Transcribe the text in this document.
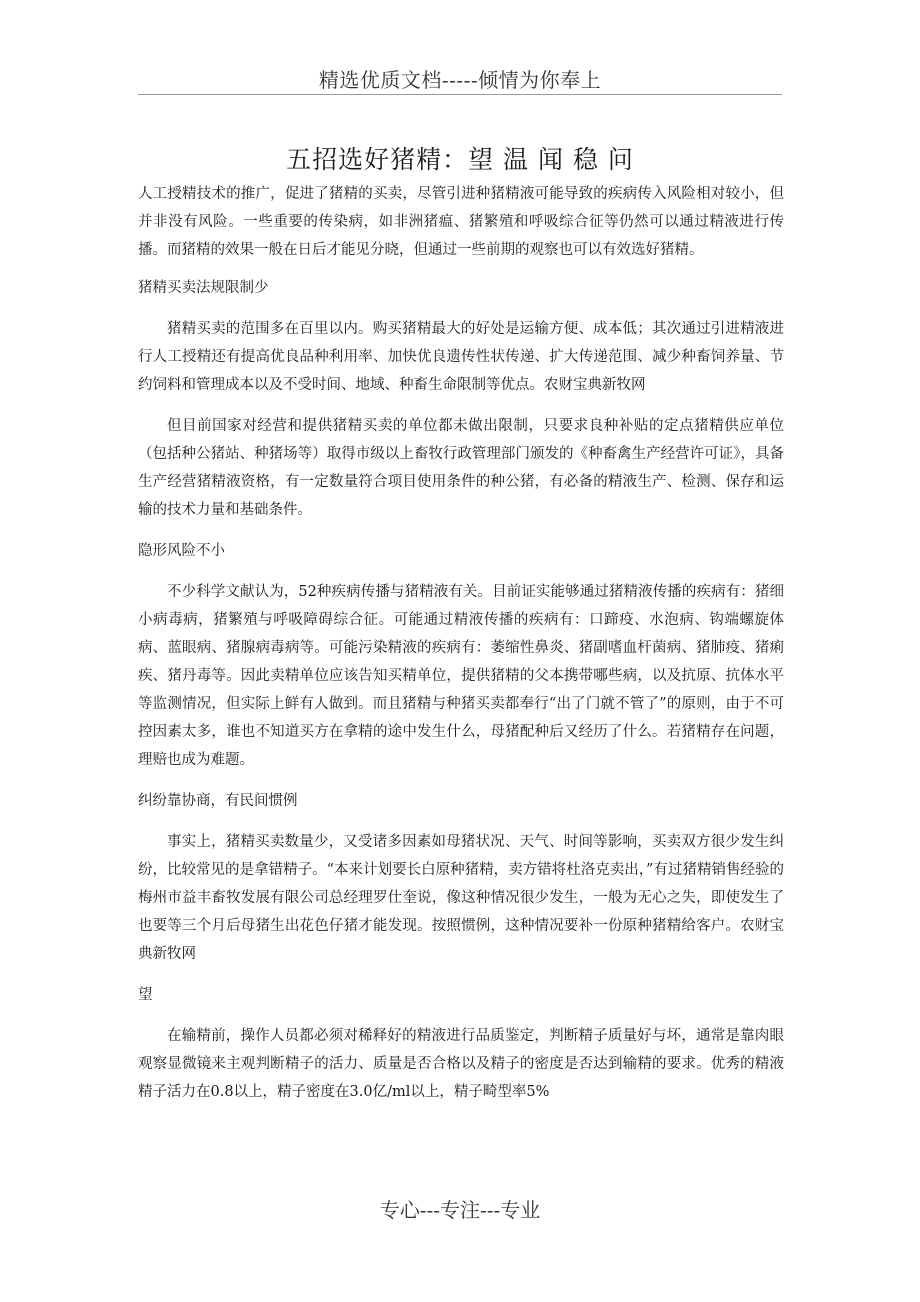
精选优质文档-----倾情为你奉上
五招选好猪精：望 温 闻 稳 问

人工授精技术的推广，促进了猪精的买卖，尽管引进种猪精液可能导致的疾病传入风险相对较小，但并非没有风险。一些重要的传染病，如非洲猪瘟、猪繁殖和呼吸综合征等仍然可以通过精液进行传播。而猪精的效果一般在日后才能见分晓，但通过一些前期的观察也可以有效选好猪精。

猪精买卖法规限制少

猪精买卖的范围多在百里以内。购买猪精最大的好处是运输方便、成本低；其次通过引进精液进行人工授精还有提高优良品种利用率、加快优良遗传性状传递、扩大传递范围、减少种畜饲养量、节约饲料和管理成本以及不受时间、地域、种畜生命限制等优点。农财宝典新牧网

但目前国家对经营和提供猪精买卖的单位都未做出限制，只要求良种补贴的定点猪精供应单位（包括种公猪站、种猪场等）取得市级以上畜牧行政管理部门颁发的《种畜禽生产经营许可证》，具备生产经营猪精液资格，有一定数量符合项目使用条件的种公猪，有必备的精液生产、检测、保存和运输的技术力量和基础条件。

隐形风险不小

不少科学文献认为，52种疾病传播与猪精液有关。目前证实能够通过猪精液传播的疾病有：猪细小病毒病，猪繁殖与呼吸障碍综合征。可能通过精液传播的疾病有：口蹄疫、水泡病、钩端螺旋体病、蓝眼病、猪腺病毒病等。可能污染精液的疾病有：萎缩性鼻炎、猪副嗜血杆菌病、猪肺疫、猪痢疾、猪丹毒等。因此卖精单位应该告知买精单位，提供猪精的父本携带哪些病，以及抗原、抗体水平等监测情况，但实际上鲜有人做到。而且猪精与种猪买卖都奉行“出了门就不管了”的原则，由于不可控因素太多，谁也不知道买方在拿精的途中发生什么，母猪配种后又经历了什么。若猪精存在问题，理赔也成为难题。

纠纷靠协商，有民间惯例

事实上，猪精买卖数量少，又受诸多因素如母猪状况、天气、时间等影响，买卖双方很少发生纠纷，比较常见的是拿错精子。“本来计划要长白原种猪精，卖方错将杜洛克卖出，”有过猪精销售经验的梅州市益丰畜牧发展有限公司总经理罗仕奎说，像这种情况很少发生，一般为无心之失，即使发生了也要等三个月后母猪生出花色仔猪才能发现。按照惯例，这种情况要补一份原种猪精给客户。农财宝典新牧网

望

在输精前，操作人员都必须对稀释好的精液进行品质鉴定，判断精子质量好与坏，通常是靠肉眼观察显微镜来主观判断精子的活力、质量是否合格以及精子的密度是否达到输精的要求。优秀的精液精子活力在0.8以上，精子密度在3.0亿/ml以上，精子畸型率5%

专心---专注---专业
